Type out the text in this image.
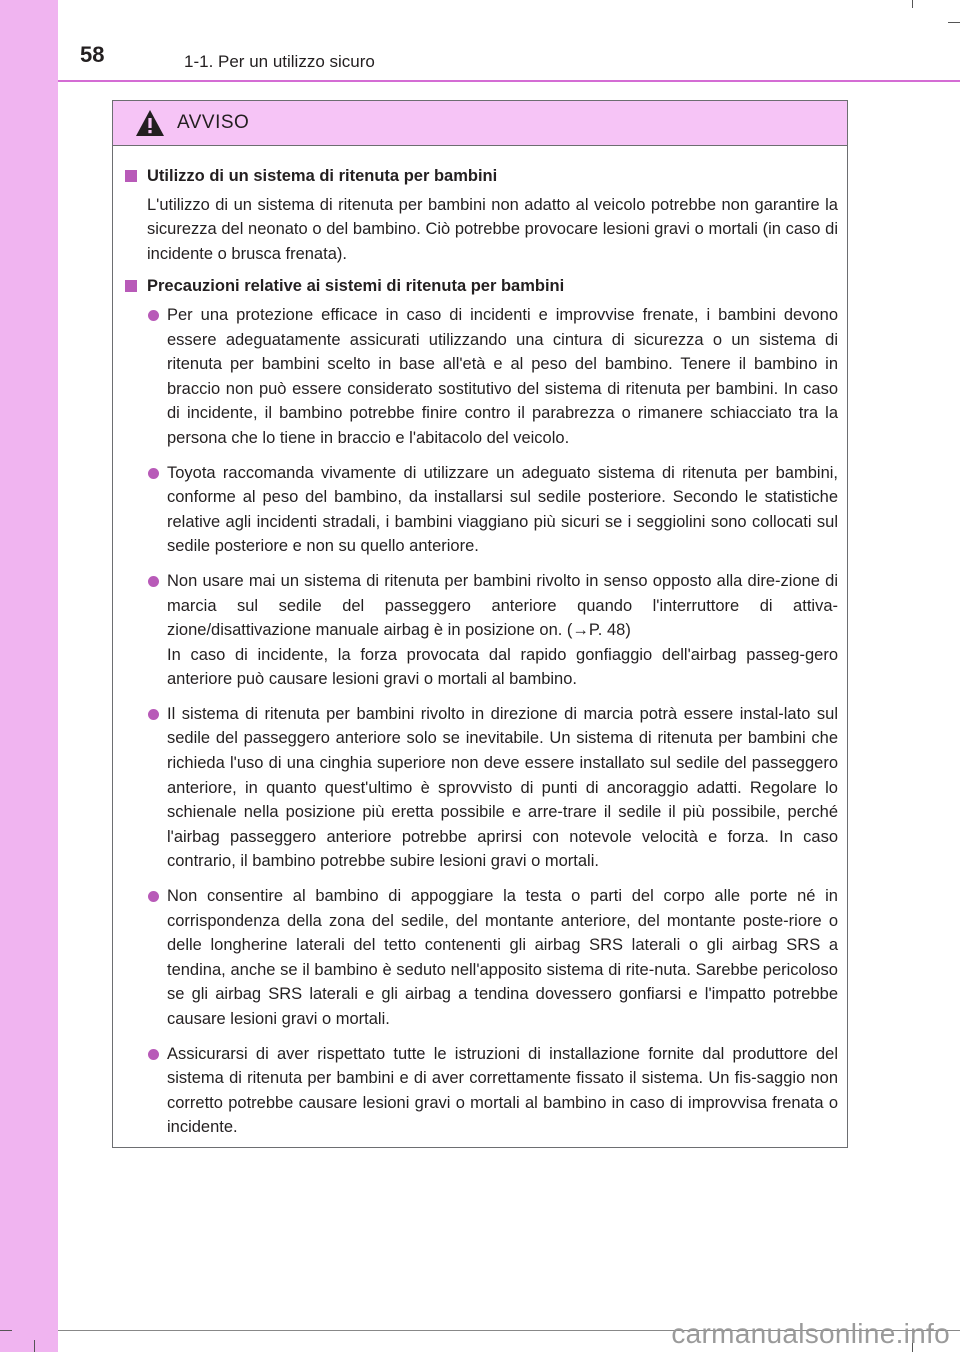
58	1-1. Per un utilizzo sicuro
AVVISO
Utilizzo di un sistema di ritenuta per bambini
L'utilizzo di un sistema di ritenuta per bambini non adatto al veicolo potrebbe non garantire la sicurezza del neonato o del bambino. Ciò potrebbe provocare lesioni gravi o mortali (in caso di incidente o brusca frenata).
Precauzioni relative ai sistemi di ritenuta per bambini
Per una protezione efficace in caso di incidenti e improvvise frenate, i bambini devono essere adeguatamente assicurati utilizzando una cintura di sicurezza o un sistema di ritenuta per bambini scelto in base all'età e al peso del bambino. Tenere il bambino in braccio non può essere considerato sostitutivo del sistema di ritenuta per bambini. In caso di incidente, il bambino potrebbe finire contro il parabrezza o rimanere schiacciato tra la persona che lo tiene in braccio e l'abitacolo del veicolo.
Toyota raccomanda vivamente di utilizzare un adeguato sistema di ritenuta per bambini, conforme al peso del bambino, da installarsi sul sedile posteriore. Secondo le statistiche relative agli incidenti stradali, i bambini viaggiano più sicuri se i seggiolini sono collocati sul sedile posteriore e non su quello anteriore.
Non usare mai un sistema di ritenuta per bambini rivolto in senso opposto alla dire-zione di marcia sul sedile del passeggero anteriore quando l'interruttore di attiva-zione/disattivazione manuale airbag è in posizione on. (→P. 48)
In caso di incidente, la forza provocata dal rapido gonfiaggio dell'airbag passeg-gero anteriore può causare lesioni gravi o mortali al bambino.
Il sistema di ritenuta per bambini rivolto in direzione di marcia potrà essere instal-lato sul sedile del passeggero anteriore solo se inevitabile. Un sistema di ritenuta per bambini che richieda l'uso di una cinghia superiore non deve essere installato sul sedile del passeggero anteriore, in quanto quest'ultimo è sprovvisto di punti di ancoraggio adatti. Regolare lo schienale nella posizione più eretta possibile e arre-trare il sedile il più possibile, perché l'airbag passeggero anteriore potrebbe aprirsi con notevole velocità e forza. In caso contrario, il bambino potrebbe subire lesioni gravi o mortali.
Non consentire al bambino di appoggiare la testa o parti del corpo alle porte né in corrispondenza della zona del sedile, del montante anteriore, del montante poste-riore o delle longherine laterali del tetto contenenti gli airbag SRS laterali o gli airbag SRS a tendina, anche se il bambino è seduto nell'apposito sistema di rite-nuta. Sarebbe pericoloso se gli airbag SRS laterali e gli airbag a tendina dovessero gonfiarsi e l'impatto potrebbe causare lesioni gravi o mortali.
Assicurarsi di aver rispettato tutte le istruzioni di installazione fornite dal produttore del sistema di ritenuta per bambini e di aver correttamente fissato il sistema. Un fis-saggio non corretto potrebbe causare lesioni gravi o mortali al bambino in caso di improvvisa frenata o incidente.
carmanualsonline.info
